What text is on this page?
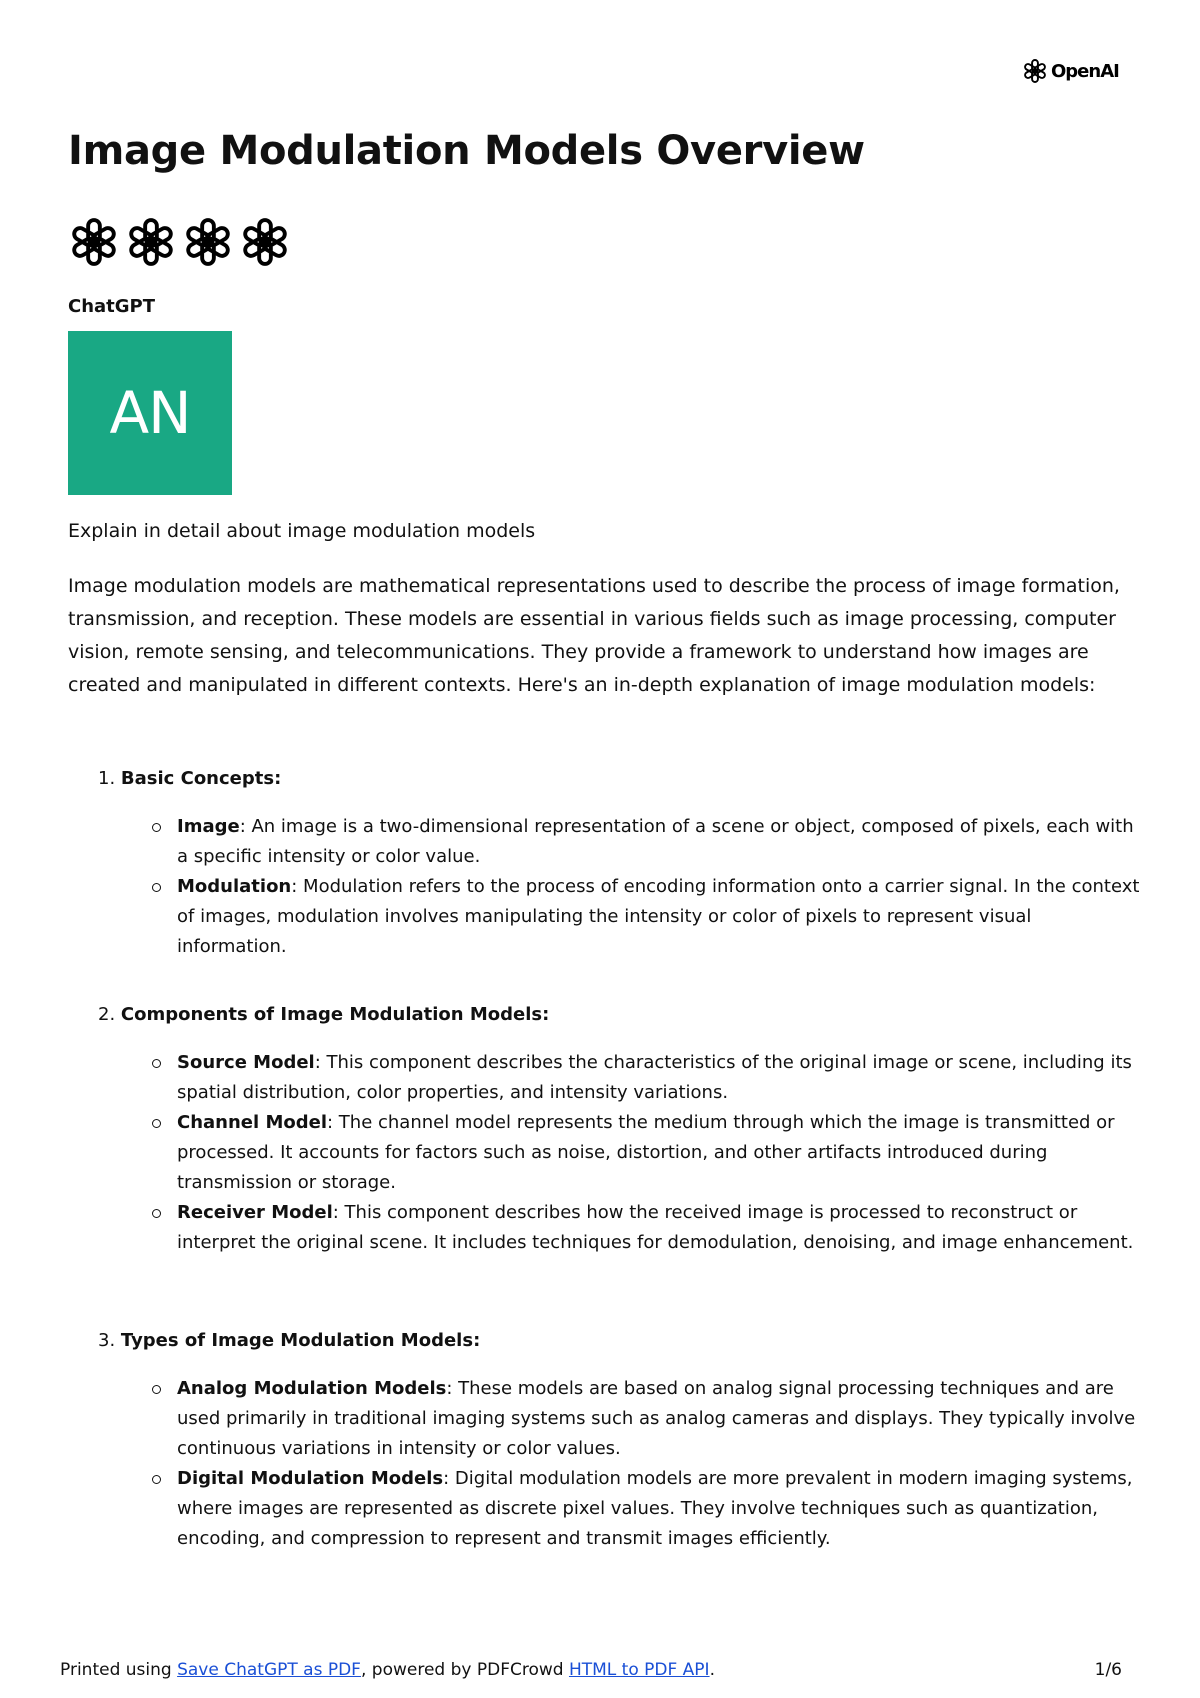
OpenAI
Image Modulation Models Overview
ChatGPT
AN
Explain in detail about image modulation models

Image modulation models are mathematical representations used to describe the process of image formation, transmission, and reception. These models are essential in various fields such as image processing, computer vision, remote sensing, and telecommunications. They provide a framework to understand how images are created and manipulated in different contexts. Here's an in-depth explanation of image modulation models:

1. Basic Concepts:
Image: An image is a two-dimensional representation of a scene or object, composed of pixels, each with a specific intensity or color value.
Modulation: Modulation refers to the process of encoding information onto a carrier signal. In the context of images, modulation involves manipulating the intensity or color of pixels to represent visual information.
2. Components of Image Modulation Models:
Source Model: This component describes the characteristics of the original image or scene, including its spatial distribution, color properties, and intensity variations.
Channel Model: The channel model represents the medium through which the image is transmitted or processed. It accounts for factors such as noise, distortion, and other artifacts introduced during transmission or storage.
Receiver Model: This component describes how the received image is processed to reconstruct or interpret the original scene. It includes techniques for demodulation, denoising, and image enhancement.
3. Types of Image Modulation Models:
Analog Modulation Models: These models are based on analog signal processing techniques and are used primarily in traditional imaging systems such as analog cameras and displays. They typically involve continuous variations in intensity or color values.
Digital Modulation Models: Digital modulation models are more prevalent in modern imaging systems, where images are represented as discrete pixel values. They involve techniques such as quantization, encoding, and compression to represent and transmit images efficiently.
Printed using Save ChatGPT as PDF, powered by PDFCrowd HTML to PDF API.	1/6
